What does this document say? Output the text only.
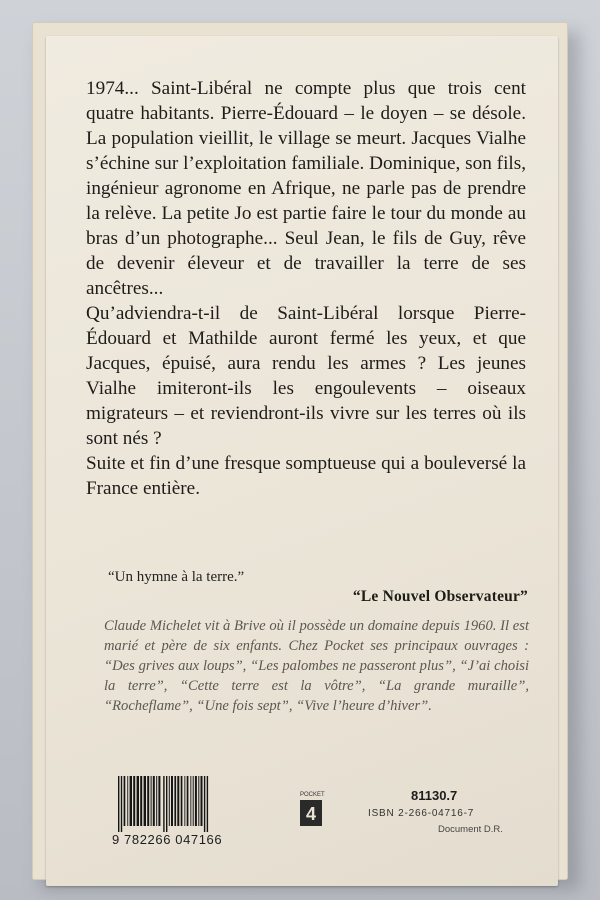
1974... Saint-Libéral ne compte plus que trois cent quatre habitants. Pierre-Édouard – le doyen – se désole. La population vieillit, le village se meurt. Jacques Vialhe s’échine sur l’exploitation familiale. Dominique, son fils, ingénieur agronome en Afrique, ne parle pas de prendre la relève. La petite Jo est partie faire le tour du monde au bras d’un photographe... Seul Jean, le fils de Guy, rêve de devenir éleveur et de travailler la terre de ses ancêtres...

Qu’adviendra-t-il de Saint-Libéral lorsque Pierre-Édouard et Mathilde auront fermé les yeux, et que Jacques, épuisé, aura rendu les armes ? Les jeunes Vialhe imiteront-ils les engoulevents – oiseaux migrateurs – et reviendront-ils vivre sur les terres où ils sont nés ?

Suite et fin d’une fresque somptueuse qui a bouleversé la France entière.

“Un hymne à la terre.”
“Le Nouvel Observateur”

Claude Michelet vit à Brive où il possède un domaine depuis 1960. Il est marié et père de six enfants. Chez Pocket ses principaux ouvrages : “Des grives aux loups”, “Les palombes ne passeront plus”, “J’ai choisi la terre”, “Cette terre est la vôtre”, “La grande muraille”, “Rocheflame”, “Une fois sept”, “Vive l’heure d’hiver”.

9 782266 047166
POCKET
4
81130.7
ISBN 2-266-04716-7
Document D.R.
